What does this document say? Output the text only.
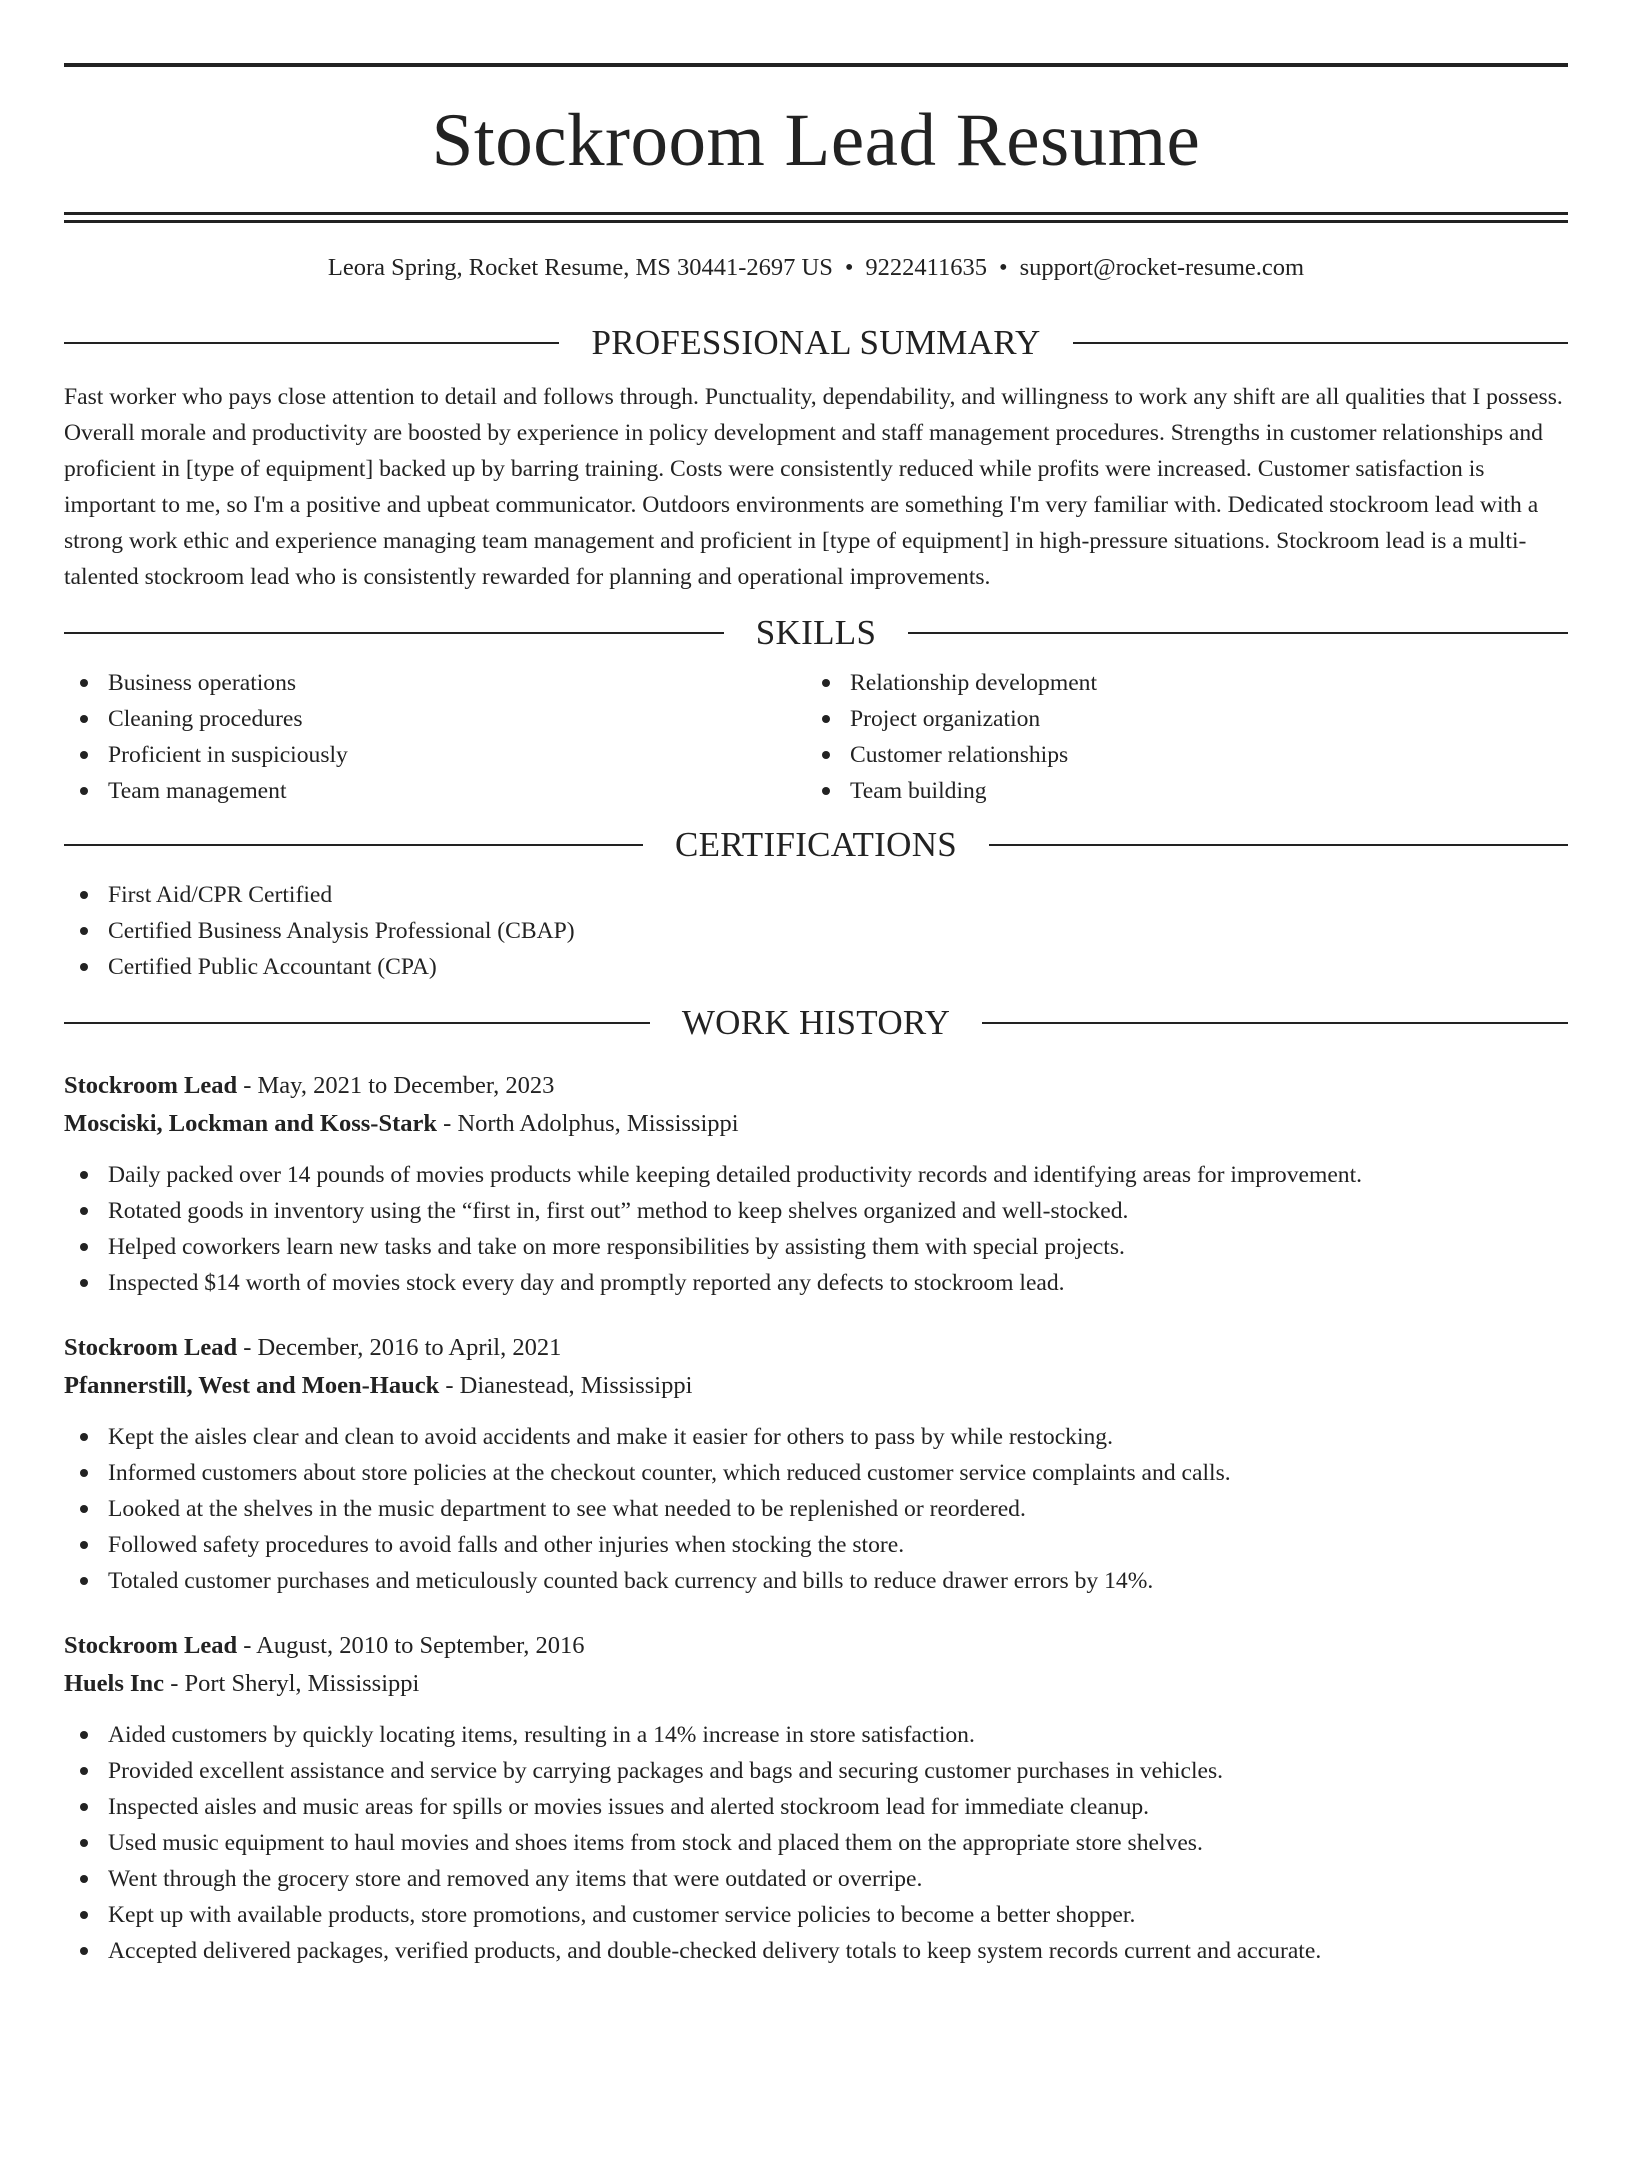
Stockroom Lead Resume
Leora Spring, Rocket Resume, MS 30441-2697 US • 9222411635 • support@rocket-resume.com
PROFESSIONAL SUMMARY
Fast worker who pays close attention to detail and follows through. Punctuality, dependability, and willingness to work any shift are all qualities that I possess. Overall morale and productivity are boosted by experience in policy development and staff management procedures. Strengths in customer relationships and proficient in [type of equipment] backed up by barring training. Costs were consistently reduced while profits were increased. Customer satisfaction is important to me, so I'm a positive and upbeat communicator. Outdoors environments are something I'm very familiar with. Dedicated stockroom lead with a strong work ethic and experience managing team management and proficient in [type of equipment] in high-pressure situations. Stockroom lead is a multi-talented stockroom lead who is consistently rewarded for planning and operational improvements.
SKILLS
Business operations
Cleaning procedures
Proficient in suspiciously
Team management
Relationship development
Project organization
Customer relationships
Team building
CERTIFICATIONS
First Aid/CPR Certified
Certified Business Analysis Professional (CBAP)
Certified Public Accountant (CPA)
WORK HISTORY
Stockroom Lead - May, 2021 to December, 2023
Mosciski, Lockman and Koss-Stark - North Adolphus, Mississippi
Daily packed over 14 pounds of movies products while keeping detailed productivity records and identifying areas for improvement.
Rotated goods in inventory using the “first in, first out” method to keep shelves organized and well-stocked.
Helped coworkers learn new tasks and take on more responsibilities by assisting them with special projects.
Inspected $14 worth of movies stock every day and promptly reported any defects to stockroom lead.
Stockroom Lead - December, 2016 to April, 2021
Pfannerstill, West and Moen-Hauck - Dianestead, Mississippi
Kept the aisles clear and clean to avoid accidents and make it easier for others to pass by while restocking.
Informed customers about store policies at the checkout counter, which reduced customer service complaints and calls.
Looked at the shelves in the music department to see what needed to be replenished or reordered.
Followed safety procedures to avoid falls and other injuries when stocking the store.
Totaled customer purchases and meticulously counted back currency and bills to reduce drawer errors by 14%.
Stockroom Lead - August, 2010 to September, 2016
Huels Inc - Port Sheryl, Mississippi
Aided customers by quickly locating items, resulting in a 14% increase in store satisfaction.
Provided excellent assistance and service by carrying packages and bags and securing customer purchases in vehicles.
Inspected aisles and music areas for spills or movies issues and alerted stockroom lead for immediate cleanup.
Used music equipment to haul movies and shoes items from stock and placed them on the appropriate store shelves.
Went through the grocery store and removed any items that were outdated or overripe.
Kept up with available products, store promotions, and customer service policies to become a better shopper.
Accepted delivered packages, verified products, and double-checked delivery totals to keep system records current and accurate.
